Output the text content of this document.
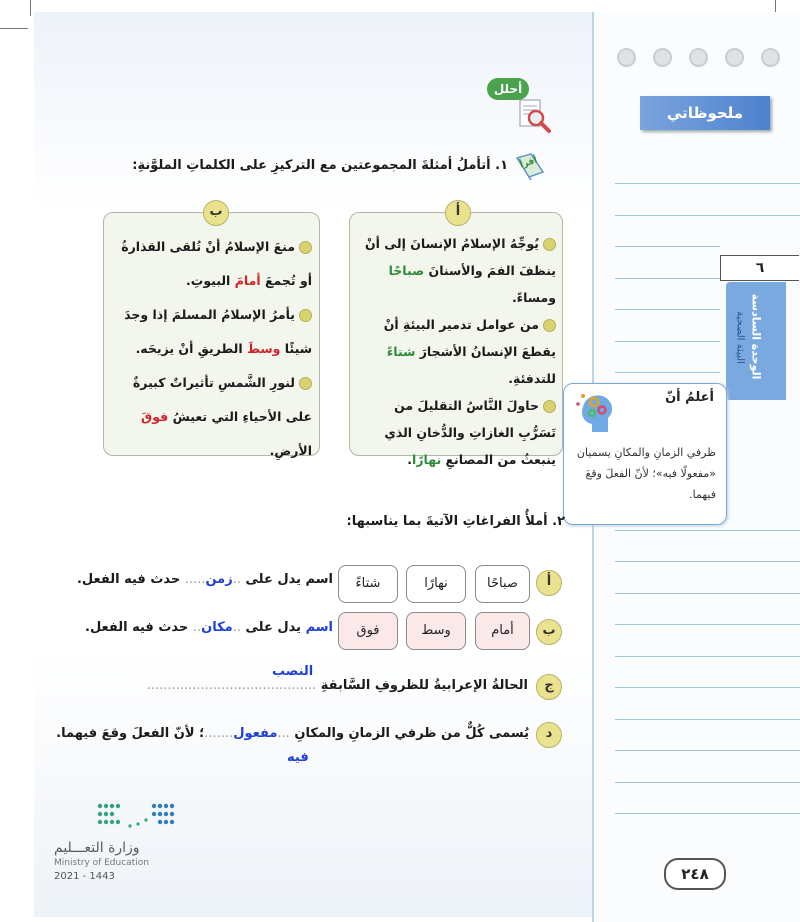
ملحوظاتي
٦
الوحدة السادسة
البيئة الصحية
أعلمُ أنّ
ظرفي الزمانِ والمكانِ يسميان «مفعولًا فيه»؛ لأنّ الفعلَ وقعَ فيهما.
أحلل
أقرأ
١. أتأملُ أمثلةَ المجموعتين مع التركيزِ على الكلماتِ الملوَّنةِ:
أ
يُوجِّهُ الإسلامُ الإنسانَ إلى أنْ ينظفَ الفمَ والأسنانَ صباحًا ومساءً.
من عوامل تدمير البيئةِ أنْ يقطعَ الإنسانُ الأشجارَ شتاءً للتدفئةِ.
حاولَ النَّاسُ التقليلَ من تَسَرُّبِ الغازاتِ والدُّخانِ الذي ينبعثُ من المصانعِ نهارًا.
ب
منعَ الإسلامُ أنْ تُلقى القذارةُ أو تُجمعَ أمامَ البيوتِ.
يأمرُ الإسلامُ المسلمَ إذا وجدَ شيئًا وسطَ الطريقِ أنْ يزيحَه.
لنورِ الشَّمسِ تأثيراتٌ كبيرةٌ على الأحياءِ التي تعيشُ فوقَ الأرضِ.
٢. أملأُ الفراغاتِ الآتيةَ بما يناسبها:
أ
صباحًا
نهارًا
شتاءً
اسم يدل على ..زمن..... حدث فيه الفعل.
ب
أمام
وسط
فوق
اسم يدل على ..مكان.. حدث فيه الفعل.
ج
الحالةُ الإعرابيةُ للظروفِ السَّابقةِ .........................................
النصب
د
يُسمى كُلٌّ من ظرفي الزمانِ والمكانِ ...مفعول.......؛ لأنّ الفعلَ وقعَ فيهما.
فيه
وزارة التعـــليم
Ministry of Education
2021 - 1443	٢٤٨
